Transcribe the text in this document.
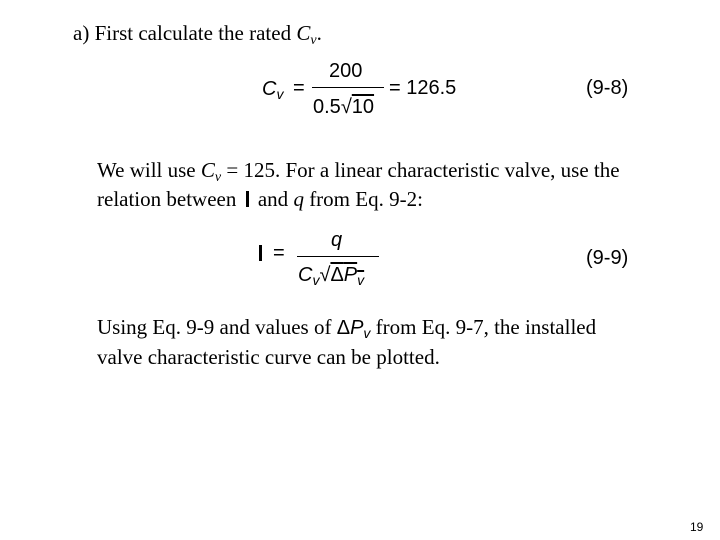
a) First calculate the rated $C_v$.
$C_v$ =
200
0.5√10
= 126.5	(9-8)
We will use $C_v = 125$. For a linear characteristic valve, use the
relation between and q from Eq. 9-2:
=
q
$C_v√\Delta P_v$
(9-9)
Using Eq. 9-9 and values of $\Delta P_v$ from Eq. 9-7, the installed
valve characteristic curve can be plotted.
19
